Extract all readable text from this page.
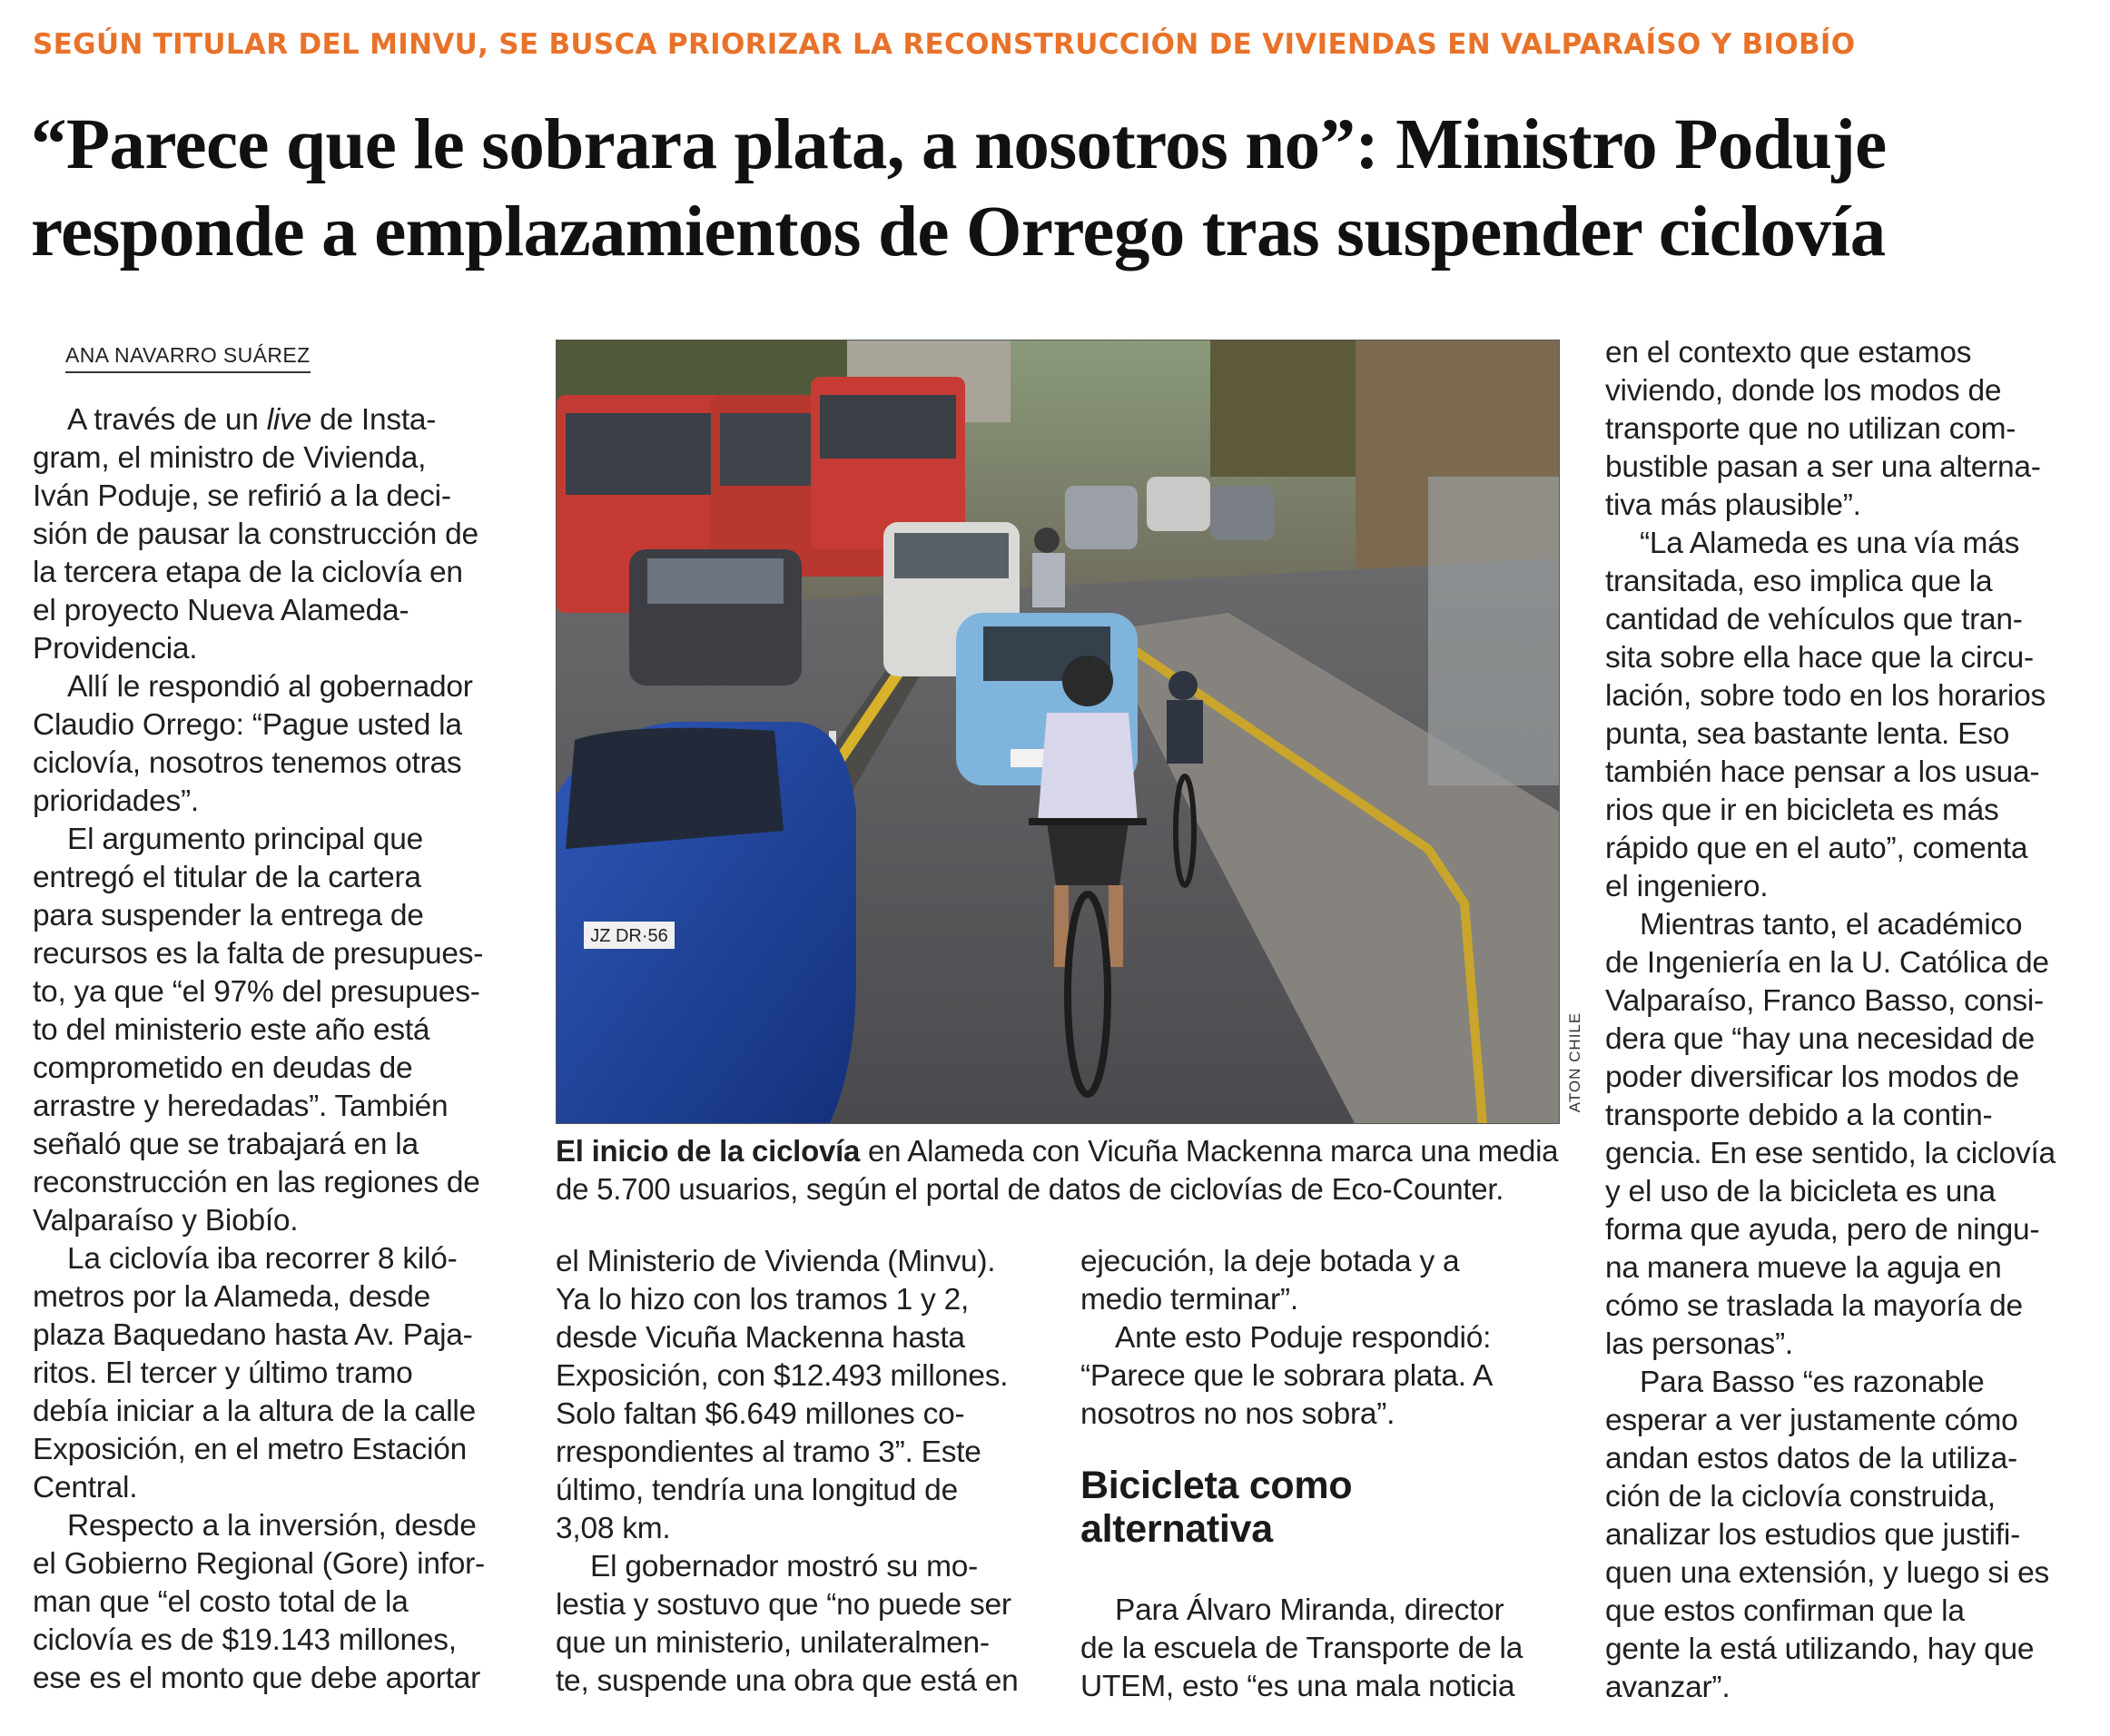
SEGÚN TITULAR DEL MINVU, SE BUSCA PRIORIZAR LA RECONSTRUCCIÓN DE VIVIENDAS EN VALPARAÍSO Y BIOBÍO
“Parece que le sobrara plata, a nosotros no”: Ministro Poduje
responde a emplazamientos de Orrego tras suspender ciclovía
ANA NAVARRO SUÁREZ
A través de un live de Insta-
gram, el ministro de Vivienda,
Iván Poduje, se refirió a la deci-
sión de pausar la construcción de
la tercera etapa de la ciclovía en
el proyecto Nueva Alameda-
Providencia.
Allí le respondió al gobernador
Claudio Orrego: “Pague usted la
ciclovía, nosotros tenemos otras
prioridades”.
El argumento principal que
entregó el titular de la cartera
para suspender la entrega de
recursos es la falta de presupues-
to, ya que “el 97% del presupues-
to del ministerio este año está
comprometido en deudas de
arrastre y heredadas”. También
señaló que se trabajará en la
reconstrucción en las regiones de
Valparaíso y Biobío.
La ciclovía iba recorrer 8 kiló-
metros por la Alameda, desde
plaza Baquedano hasta Av. Paja-
ritos. El tercer y último tramo
debía iniciar a la altura de la calle
Exposición, en el metro Estación
Central.
Respecto a la inversión, desde
el Gobierno Regional (Gore) infor-
man que “el costo total de la
ciclovía es de $19.143 millones,
ese es el monto que debe aportar
JZ DR·56
ATON CHILE
El inicio de la ciclovía en Alameda con Vicuña Mackenna marca una media
de 5.700 usuarios, según el portal de datos de ciclovías de Eco-Counter.
el Ministerio de Vivienda (Minvu).
Ya lo hizo con los tramos 1 y 2,
desde Vicuña Mackenna hasta
Exposición, con $12.493 millones.
Solo faltan $6.649 millones co-
rrespondientes al tramo 3”. Este
último, tendría una longitud de
3,08 km.
El gobernador mostró su mo-
lestia y sostuvo que “no puede ser
que un ministerio, unilateralmen-
te, suspende una obra que está en
ejecución, la deje botada y a
medio terminar”.
Ante esto Poduje respondió:
“Parece que le sobrara plata. A
nosotros no nos sobra”.
Bicicleta como
alternativa
Para Álvaro Miranda, director
de la escuela de Transporte de la
UTEM, esto “es una mala noticia
en el contexto que estamos
viviendo, donde los modos de
transporte que no utilizan com-
bustible pasan a ser una alterna-
tiva más plausible”.
“La Alameda es una vía más
transitada, eso implica que la
cantidad de vehículos que tran-
sita sobre ella hace que la circu-
lación, sobre todo en los horarios
punta, sea bastante lenta. Eso
también hace pensar a los usua-
rios que ir en bicicleta es más
rápido que en el auto”, comenta
el ingeniero.
Mientras tanto, el académico
de Ingeniería en la U. Católica de
Valparaíso, Franco Basso, consi-
dera que “hay una necesidad de
poder diversificar los modos de
transporte debido a la contin-
gencia. En ese sentido, la ciclovía
y el uso de la bicicleta es una
forma que ayuda, pero de ningu-
na manera mueve la aguja en
cómo se traslada la mayoría de
las personas”.
Para Basso “es razonable
esperar a ver justamente cómo
andan estos datos de la utiliza-
ción de la ciclovía construida,
analizar los estudios que justifi-
quen una extensión, y luego si es
que estos confirman que la
gente la está utilizando, hay que
avanzar”.
